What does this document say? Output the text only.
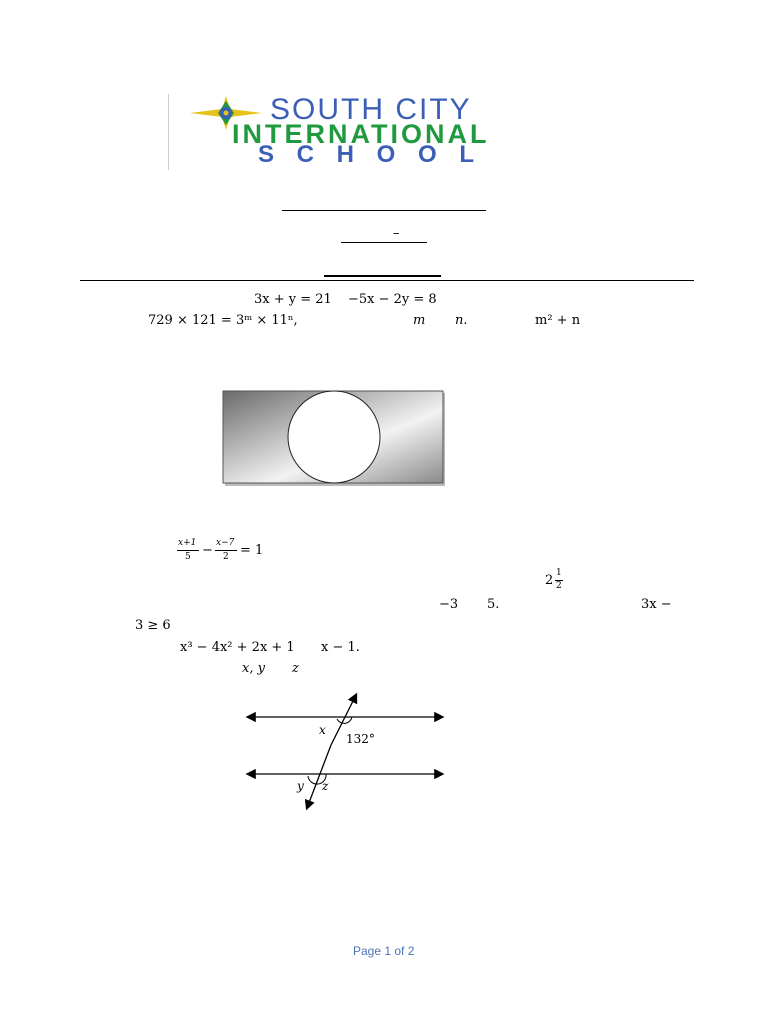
SOUTH CITY
INTERNATIONAL
S C H O O L
–
3x + y = 21 −5x − 2y = 8
729 × 121 = 3ᵐ × 11ⁿ,	m n.	m² + n
x+1
5 − x−7
2 = 1
2 1
2
−3 5.	3x −
3 ≥ 6
x³ − 4x² + 2x + 1 x − 1.
x, y z
x
132°
y z
Page 1 of 2
